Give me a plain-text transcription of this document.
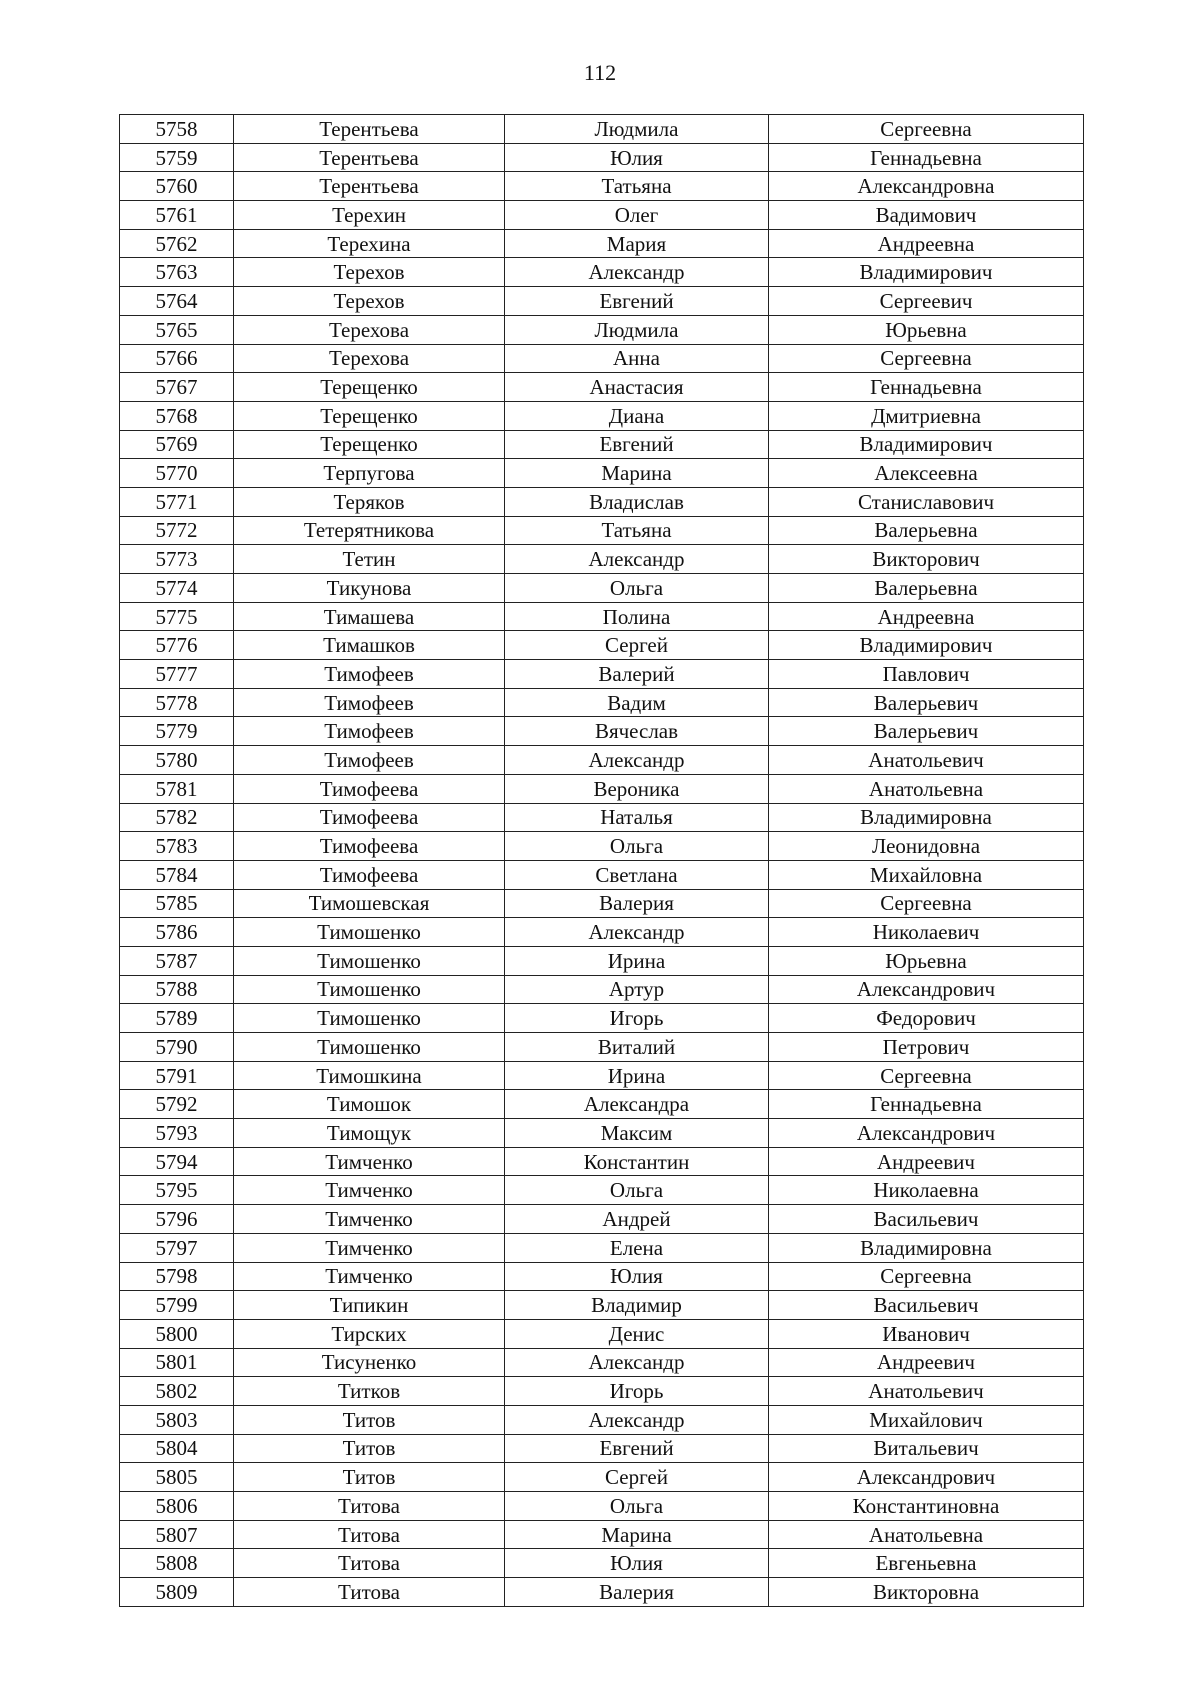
112
5758	Терентьева	Людмила	Сергеевна
5759	Терентьева	Юлия	Геннадьевна
5760	Терентьева	Татьяна	Александровна
5761	Терехин	Олег	Вадимович
5762	Терехина	Мария	Андреевна
5763	Терехов	Александр	Владимирович
5764	Терехов	Евгений	Сергеевич
5765	Терехова	Людмила	Юрьевна
5766	Терехова	Анна	Сергеевна
5767	Терещенко	Анастасия	Геннадьевна
5768	Терещенко	Диана	Дмитриевна
5769	Терещенко	Евгений	Владимирович
5770	Терпугова	Марина	Алексеевна
5771	Теряков	Владислав	Станиславович
5772	Тетерятникова	Татьяна	Валерьевна
5773	Тетин	Александр	Викторович
5774	Тикунова	Ольга	Валерьевна
5775	Тимашева	Полина	Андреевна
5776	Тимашков	Сергей	Владимирович
5777	Тимофеев	Валерий	Павлович
5778	Тимофеев	Вадим	Валерьевич
5779	Тимофеев	Вячеслав	Валерьевич
5780	Тимофеев	Александр	Анатольевич
5781	Тимофеева	Вероника	Анатольевна
5782	Тимофеева	Наталья	Владимировна
5783	Тимофеева	Ольга	Леонидовна
5784	Тимофеева	Светлана	Михайловна
5785	Тимошевская	Валерия	Сергеевна
5786	Тимошенко	Александр	Николаевич
5787	Тимошенко	Ирина	Юрьевна
5788	Тимошенко	Артур	Александрович
5789	Тимошенко	Игорь	Федорович
5790	Тимошенко	Виталий	Петрович
5791	Тимошкина	Ирина	Сергеевна
5792	Тимошок	Александра	Геннадьевна
5793	Тимощук	Максим	Александрович
5794	Тимченко	Константин	Андреевич
5795	Тимченко	Ольга	Николаевна
5796	Тимченко	Андрей	Васильевич
5797	Тимченко	Елена	Владимировна
5798	Тимченко	Юлия	Сергеевна
5799	Типикин	Владимир	Васильевич
5800	Тирских	Денис	Иванович
5801	Тисуненко	Александр	Андреевич
5802	Титков	Игорь	Анатольевич
5803	Титов	Александр	Михайлович
5804	Титов	Евгений	Витальевич
5805	Титов	Сергей	Александрович
5806	Титова	Ольга	Константиновна
5807	Титова	Марина	Анатольевна
5808	Титова	Юлия	Евгеньевна
5809	Титова	Валерия	Викторовна
